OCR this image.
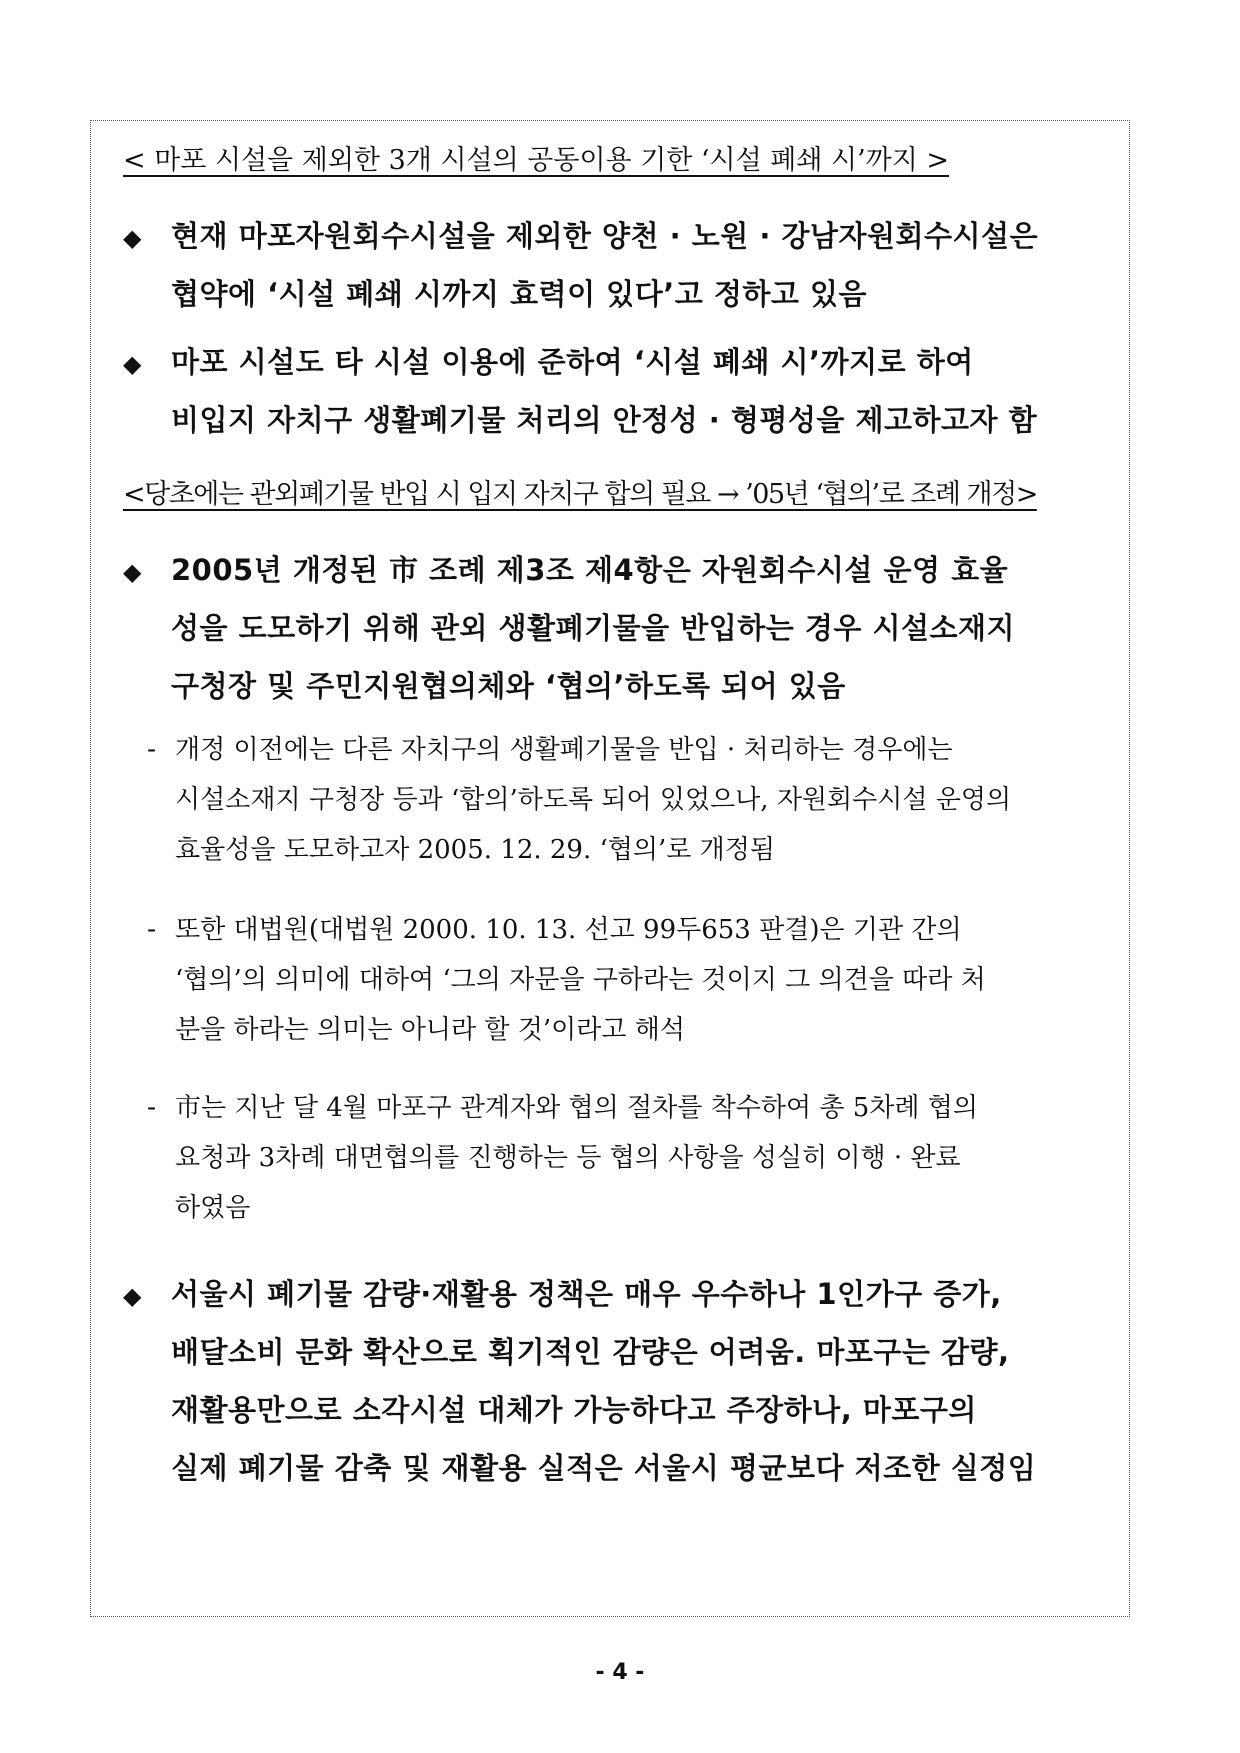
< 마포 시설을 제외한 3개 시설의 공동이용 기한 ‘시설 폐쇄 시’까지 >
◆ 현재 마포자원회수시설을 제외한 양천 · 노원 · 강남자원회수시설은
협약에 ‘시설 폐쇄 시까지 효력이 있다’고 정하고 있음
◆ 마포 시설도 타 시설 이용에 준하여 ‘시설 폐쇄 시’까지로 하여
비입지 자치구 생활폐기물 처리의 안정성 · 형평성을 제고하고자 함
<당초에는 관외폐기물 반입 시 입지 자치구 합의 필요 → ’05년 ‘협의’로 조례 개정>
◆ 2005년 개정된 市 조례 제3조 제4항은 자원회수시설 운영 효율
성을 도모하기 위해 관외 생활폐기물을 반입하는 경우 시설소재지
구청장 및 주민지원협의체와 ‘협의’하도록 되어 있음
- 개정 이전에는 다른 자치구의 생활폐기물을 반입 · 처리하는 경우에는
시설소재지 구청장 등과 ‘합의’하도록 되어 있었으나, 자원회수시설 운영의
효율성을 도모하고자 2005. 12. 29. ‘협의’로 개정됨
- 또한 대법원(대법원 2000. 10. 13. 선고 99두653 판결)은 기관 간의
‘협의’의 의미에 대하여 ‘그의 자문을 구하라는 것이지 그 의견을 따라 처
분을 하라는 의미는 아니라 할 것’이라고 해석
- 市는 지난 달 4월 마포구 관계자와 협의 절차를 착수하여 총 5차례 협의
요청과 3차례 대면협의를 진행하는 등 협의 사항을 성실히 이행 · 완료
하였음
◆ 서울시 폐기물 감량·재활용 정책은 매우 우수하나 1인가구 증가,
배달소비 문화 확산으로 획기적인 감량은 어려움. 마포구는 감량,
재활용만으로 소각시설 대체가 가능하다고 주장하나, 마포구의
실제 폐기물 감축 및 재활용 실적은 서울시 평균보다 저조한 실정임
- 4 -
